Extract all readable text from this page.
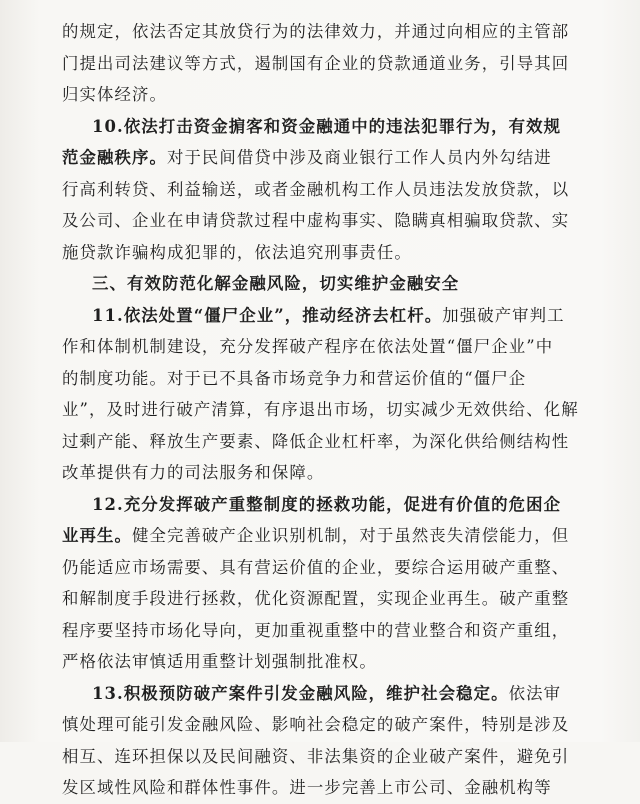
的规定，依法否定其放贷行为的法律效力，并通过向相应的主管部
门提出司法建议等方式，遏制国有企业的贷款通道业务，引导其回
归实体经济。
10.依法打击资金掮客和资金融通中的违法犯罪行为，有效规
范金融秩序。对于民间借贷中涉及商业银行工作人员内外勾结进
行高利转贷、利益输送，或者金融机构工作人员违法发放贷款，以
及公司、企业在申请贷款过程中虚构事实、隐瞒真相骗取贷款、实
施贷款诈骗构成犯罪的，依法追究刑事责任。
三、有效防范化解金融风险，切实维护金融安全
11.依法处置“僵尸企业”，推动经济去杠杆。加强破产审判工
作和体制机制建设，充分发挥破产程序在依法处置“僵尸企业”中
的制度功能。对于已不具备市场竞争力和营运价值的“僵尸企
业”，及时进行破产清算，有序退出市场，切实减少无效供给、化解
过剩产能、释放生产要素、降低企业杠杆率，为深化供给侧结构性
改革提供有力的司法服务和保障。
12.充分发挥破产重整制度的拯救功能，促进有价值的危困企
业再生。健全完善破产企业识别机制，对于虽然丧失清偿能力，但
仍能适应市场需要、具有营运价值的企业，要综合运用破产重整、
和解制度手段进行拯救，优化资源配置，实现企业再生。破产重整
程序要坚持市场化导向，更加重视重整中的营业整合和资产重组，
严格依法审慎适用重整计划强制批准权。
13.积极预防破产案件引发金融风险，维护社会稳定。依法审
慎处理可能引发金融风险、影响社会稳定的破产案件，特别是涉及
相互、连环担保以及民间融资、非法集资的企业破产案件，避免引
发区域性风险和群体性事件。进一步完善上市公司、金融机构等
